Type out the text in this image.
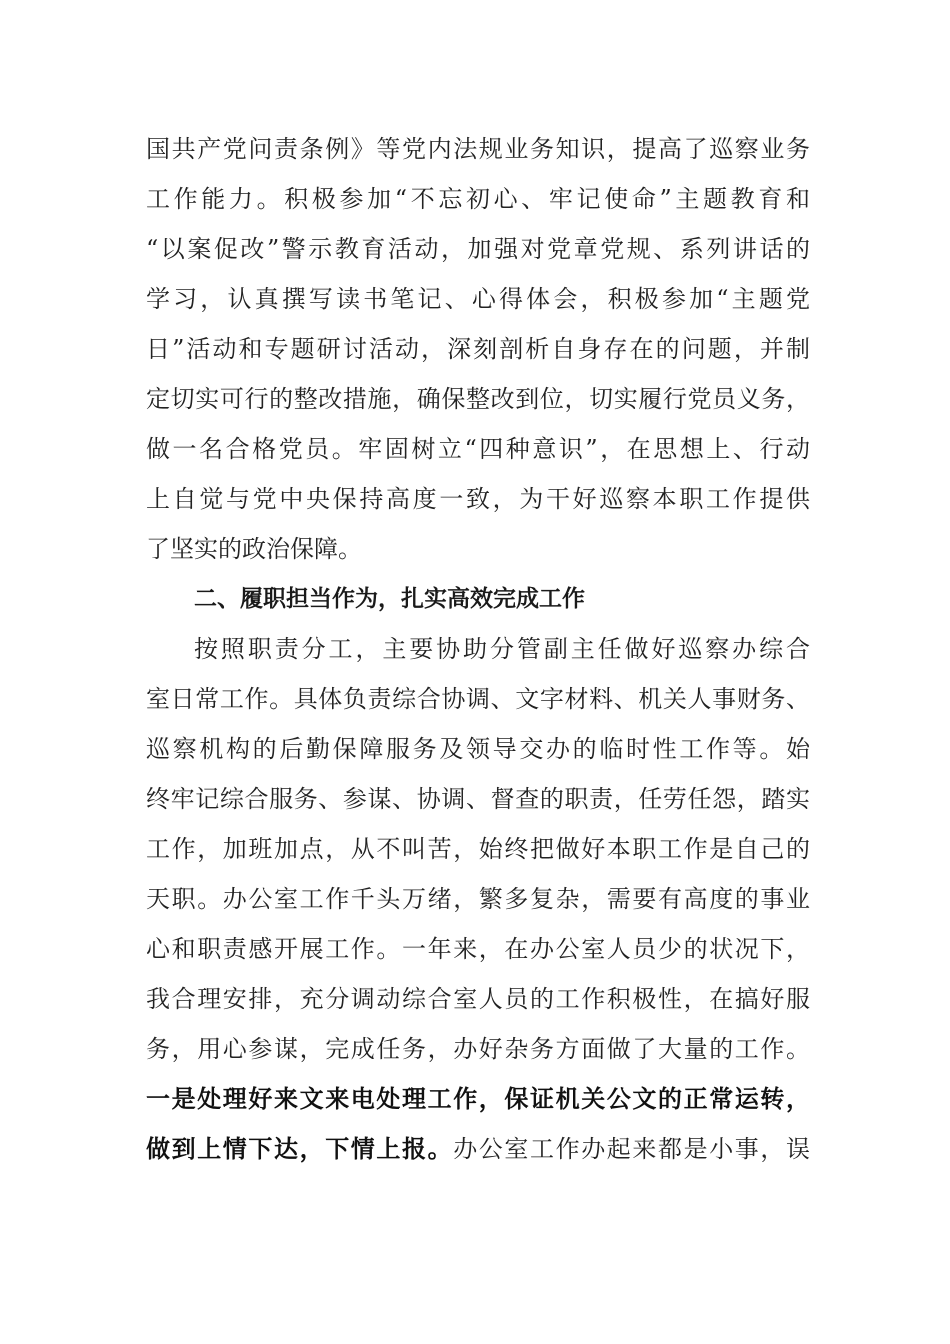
国共产党问责条例》等党内法规业务知识，提高了巡察业务
工作能力。积极参加“不忘初心、牢记使命”主题教育和
“以案促改”警示教育活动，加强对党章党规、系列讲话的
学习，认真撰写读书笔记、心得体会，积极参加“主题党
日”活动和专题研讨活动，深刻剖析自身存在的问题，并制
定切实可行的整改措施，确保整改到位，切实履行党员义务，
做一名合格党员。牢固树立“四种意识”，在思想上、行动
上自觉与党中央保持高度一致，为干好巡察本职工作提供
了坚实的政治保障。
二、履职担当作为，扎实高效完成工作
按照职责分工，主要协助分管副主任做好巡察办综合
室日常工作。具体负责综合协调、文字材料、机关人事财务、
巡察机构的后勤保障服务及领导交办的临时性工作等。始
终牢记综合服务、参谋、协调、督查的职责，任劳任怨，踏实
工作，加班加点，从不叫苦，始终把做好本职工作是自己的
天职。办公室工作千头万绪，繁多复杂，需要有高度的事业
心和职责感开展工作。一年来，在办公室人员少的状况下，
我合理安排，充分调动综合室人员的工作积极性，在搞好服
务，用心参谋，完成任务，办好杂务方面做了大量的工作。
一是处理好来文来电处理工作，保证机关公文的正常运转，
做到上情下达，下情上报。办公室工作办起来都是小事，误
